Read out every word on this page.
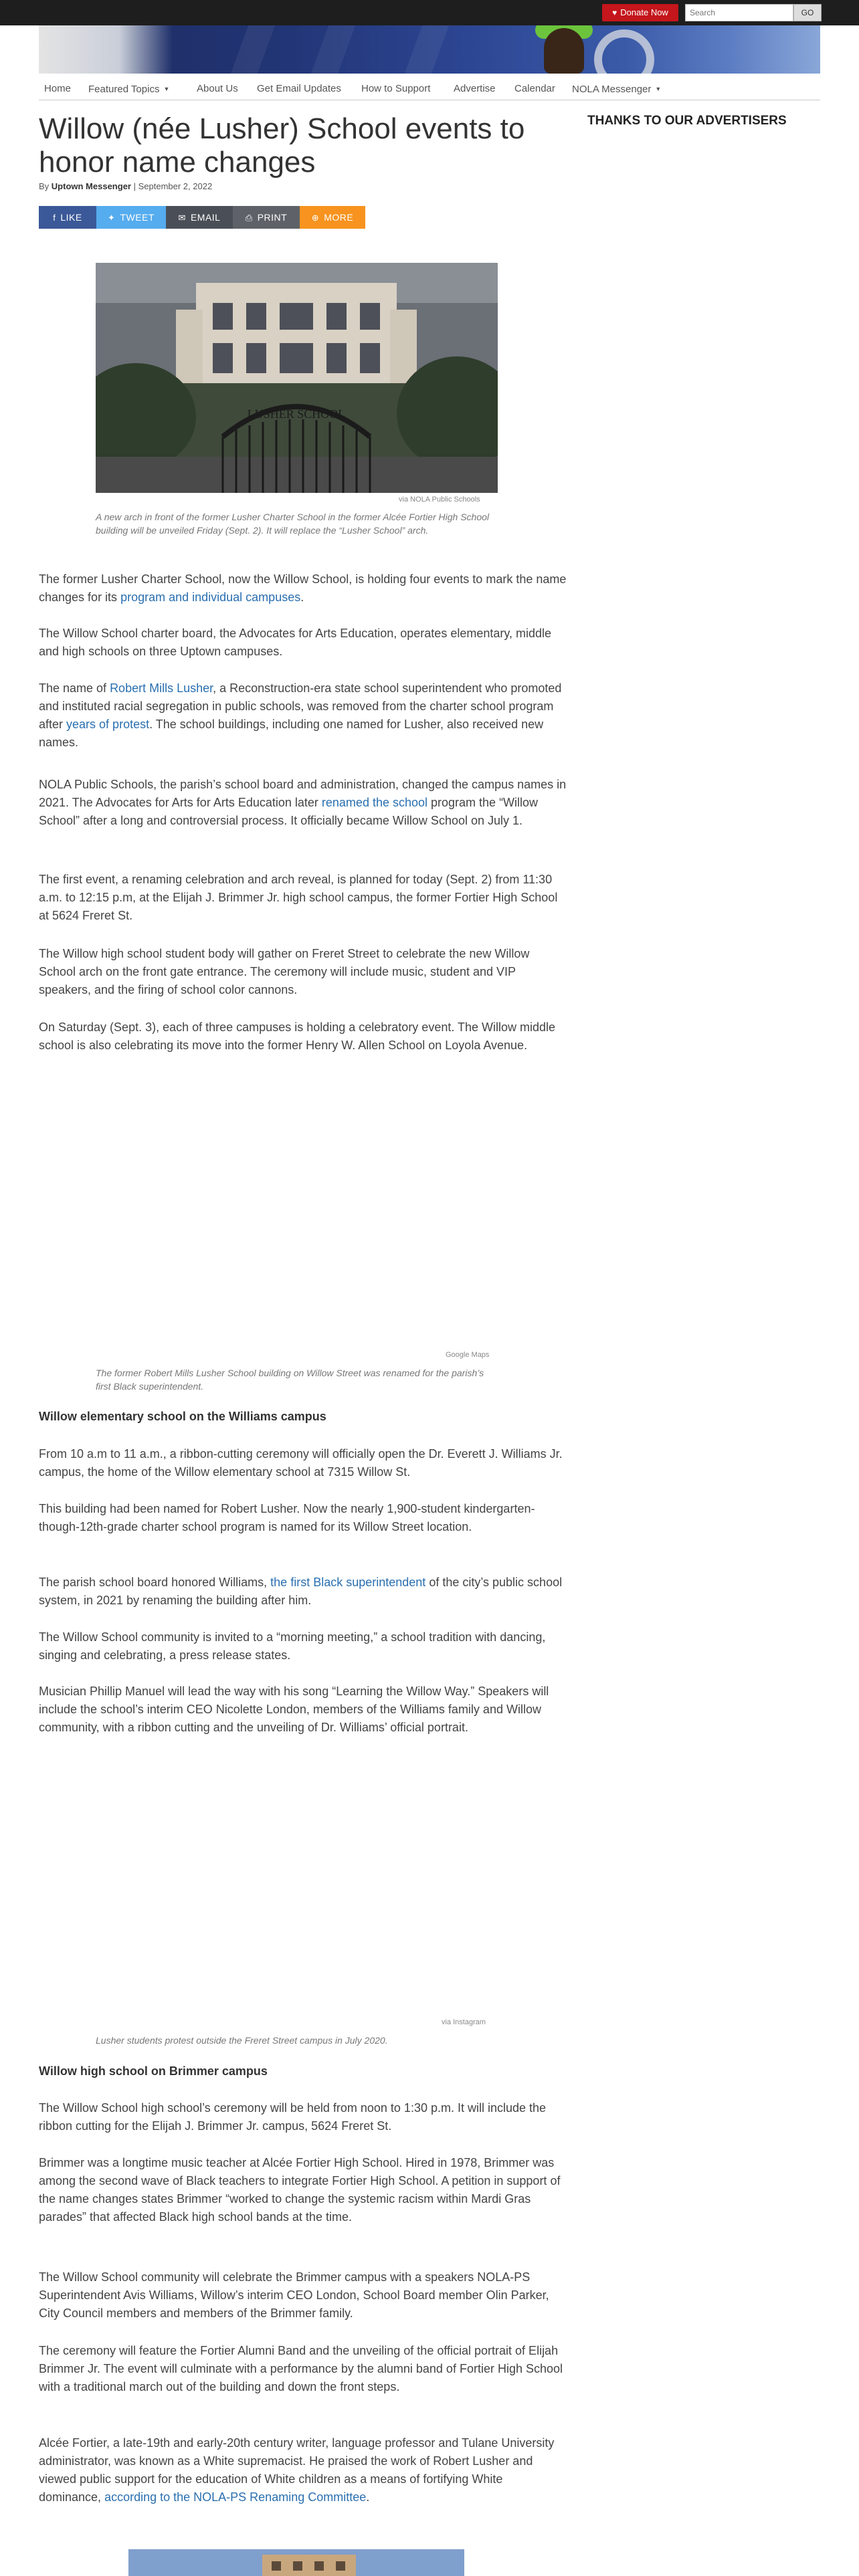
♥ Donate Now
Search	GO
Home Featured Topics ▼	About Us Get Email Updates How to Support Advertise Calendar NOLA Messenger ▼
THANKS TO OUR ADVERTISERS
Willow (née Lusher) School events to honor name changes
By Uptown Messenger | September 2, 2022
f LIKE	✦ TWEET	✉ EMAIL	⎙ PRINT	⊕ MORE
LUSHER SCHOOL
via NOLA Public Schools
A new arch in front of the former Lusher Charter School in the former Alcée Fortier High School building will be unveiled Friday (Sept. 2). It will replace the “Lusher School” arch.
The former Lusher Charter School, now the Willow School, is holding four events to mark the name changes for its program and individual campuses.
The Willow School charter board, the Advocates for Arts Education, operates elementary, middle and high schools on three Uptown campuses.
The name of Robert Mills Lusher, a Reconstruction-era state school superintendent who promoted and instituted racial segregation in public schools, was removed from the charter school program after years of protest. The school buildings, including one named for Lusher, also received new names.
NOLA Public Schools, the parish’s school board and administration, changed the campus names in 2021. The Advocates for Arts for Arts Education later renamed the school program the “Willow School” after a long and controversial process. It officially became Willow School on July 1.
The first event, a renaming celebration and arch reveal, is planned for today (Sept. 2) from 11:30 a.m. to 12:15 p.m, at the Elijah J. Brimmer Jr. high school campus, the former Fortier High School at 5624 Freret St.
The Willow high school student body will gather on Freret Street to celebrate the new Willow School arch on the front gate entrance. The ceremony will include music, student and VIP speakers, and the firing of school color cannons.
On Saturday (Sept. 3), each of three campuses is holding a celebratory event. The Willow middle school is also celebrating its move into the former Henry W. Allen School on Loyola Avenue.
Google Maps
The former Robert Mills Lusher School building on Willow Street was renamed for the parish’s first Black superintendent.
Willow elementary school on the Williams campus
From 10 a.m to 11 a.m., a ribbon-cutting ceremony will officially open the Dr. Everett J. Williams Jr. campus, the home of the Willow elementary school at 7315 Willow St.
This building had been named for Robert Lusher. Now the nearly 1,900-student kindergarten-though-12th-grade charter school program is named for its Willow Street location.
The parish school board honored Williams, the first Black superintendent of the city’s public school system, in 2021 by renaming the building after him.
The Willow School community is invited to a “morning meeting,” a school tradition with dancing, singing and celebrating, a press release states.
Musician Phillip Manuel will lead the way with his song “Learning the Willow Way.” Speakers will include the school’s interim CEO Nicolette London, members of the Williams family and Willow community, with a ribbon cutting and the unveiling of Dr. Williams’ official portrait.
via Instagram
Lusher students protest outside the Freret Street campus in July 2020.
Willow high school on Brimmer campus
The Willow School high school’s ceremony will be held from noon to 1:30 p.m. It will include the ribbon cutting for the Elijah J. Brimmer Jr. campus, 5624 Freret St.
Brimmer was a longtime music teacher at Alcée Fortier High School. Hired in 1978, Brimmer was among the second wave of Black teachers to integrate Fortier High School. A petition in support of the name changes states Brimmer “worked to change the systemic racism within Mardi Gras parades” that affected Black high school bands at the time.
The Willow School community will celebrate the Brimmer campus with a speakers NOLA-PS Superintendent Avis Williams, Willow’s interim CEO London, School Board member Olin Parker, City Council members and members of the Brimmer family.
The ceremony will feature the Fortier Alumni Band and the unveiling of the official portrait of Elijah Brimmer Jr. The event will culminate with a performance by the alumni band of Fortier High School with a traditional march out of the building and down the front steps.
Alcée Fortier, a late-19th and early-20th century writer, language professor and Tulane University administrator, was known as a White supremacist. He praised the work of Robert Lusher and viewed public support for the education of White children as a means of fortifying White dominance, according to the NOLA-PS Renaming Committee.
